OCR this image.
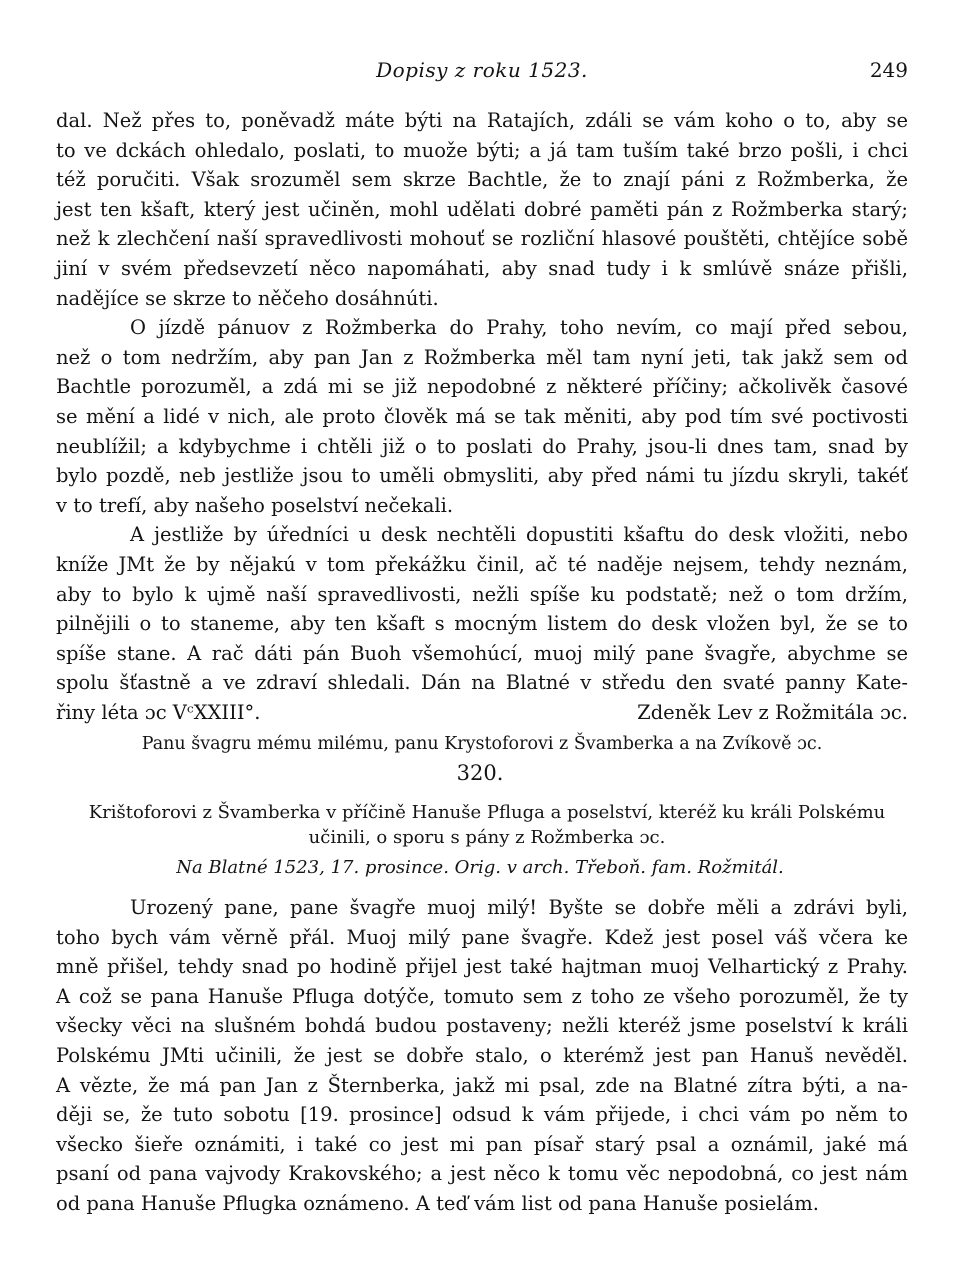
Dopisy z roku 1523.	249
dal. Než přes to, poněvadž máte býti na Ratajích, zdáli se vám koho o to, aby se
to ve dckách ohledalo, poslati, to muože býti; a já tam tuším také brzo pošli, i chci
též poručiti. Však srozuměl sem skrze Bachtle, že to znají páni z Rožmberka, že
jest ten kšaft, který jest učiněn, mohl udělati dobré paměti pán z Rožmberka starý;
než k zlechčení naší spravedlivosti mohouť se rozliční hlasové pouštěti, chtějíce sobě
jiní v svém předsevzetí něco napomáhati, aby snad tudy i k smlúvě snáze přišli,
nadějíce se skrze to něčeho dosáhnúti.
O jízdě pánuov z Rožmberka do Prahy, toho nevím, co mají před sebou,
než o tom nedržím, aby pan Jan z Rožmberka měl tam nyní jeti, tak jakž sem od
Bachtle porozuměl, a zdá mi se již nepodobné z některé příčiny; ačkolivěk časové
se mění a lidé v nich, ale proto člověk má se tak měniti, aby pod tím své poctivosti
neublížil; a kdybychme i chtěli již o to poslati do Prahy, jsou-li dnes tam, snad by
bylo pozdě, neb jestliže jsou to uměli obmysliti, aby před námi tu jízdu skryli, takéť
v to trefí, aby našeho poselství nečekali.
A jestliže by úředníci u desk nechtěli dopustiti kšaftu do desk vložiti, nebo
kníže JMt že by nějakú v tom překážku činil, ač té naděje nejsem, tehdy neznám,
aby to bylo k ujmě naší spravedlivosti, nežli spíše ku podstatě; než o tom držím,
pilnějili o to staneme, aby ten kšaft s mocným listem do desk vložen byl, že se to
spíše stane. A rač dáti pán Buoh všemohúcí, muoj milý pane švagře, abychme se
spolu šťastně a ve zdraví shledali. Dán na Blatné v středu den svaté panny Kate-
řiny léta ɔc VᶜXXIII°.	Zdeněk Lev z Rožmitála ɔc.
Panu švagru mému milému, panu Krystoforovi z Švamberka a na Zvíkově ɔc.
320.
Krištoforovi z Švamberka v příčině Hanuše Pfluga a poselství, kteréž ku králi Polskému
učinili, o sporu s pány z Rožmberka ɔc.
Na Blatné 1523, 17. prosince. Orig. v arch. Třeboň. fam. Rožmitál.
Urozený pane, pane švagře muoj milý! Byšte se dobře měli a zdrávi byli,
toho bych vám věrně přál. Muoj milý pane švagře. Kdež jest posel váš včera ke
mně přišel, tehdy snad po hodině přijel jest také hajtman muoj Velhartický z Prahy.
A což se pana Hanuše Pfluga dotýče, tomuto sem z toho ze všeho porozuměl, že ty
všecky věci na slušném bohdá budou postaveny; nežli kteréž jsme poselství k králi
Polskému JMti učinili, že jest se dobře stalo, o kterémž jest pan Hanuš nevěděl.
A vězte, že má pan Jan z Šternberka, jakž mi psal, zde na Blatné zítra býti, a na-
ději se, že tuto sobotu [19. prosince] odsud k vám přijede, i chci vám po něm to
všecko šieře oznámiti, i také co jest mi pan písař starý psal a oznámil, jaké má
psaní od pana vajvody Krakovského; a jest něco k tomu věc nepodobná, co jest nám
od pana Hanuše Pflugka oznámeno. A teď vám list od pana Hanuše posielám.
